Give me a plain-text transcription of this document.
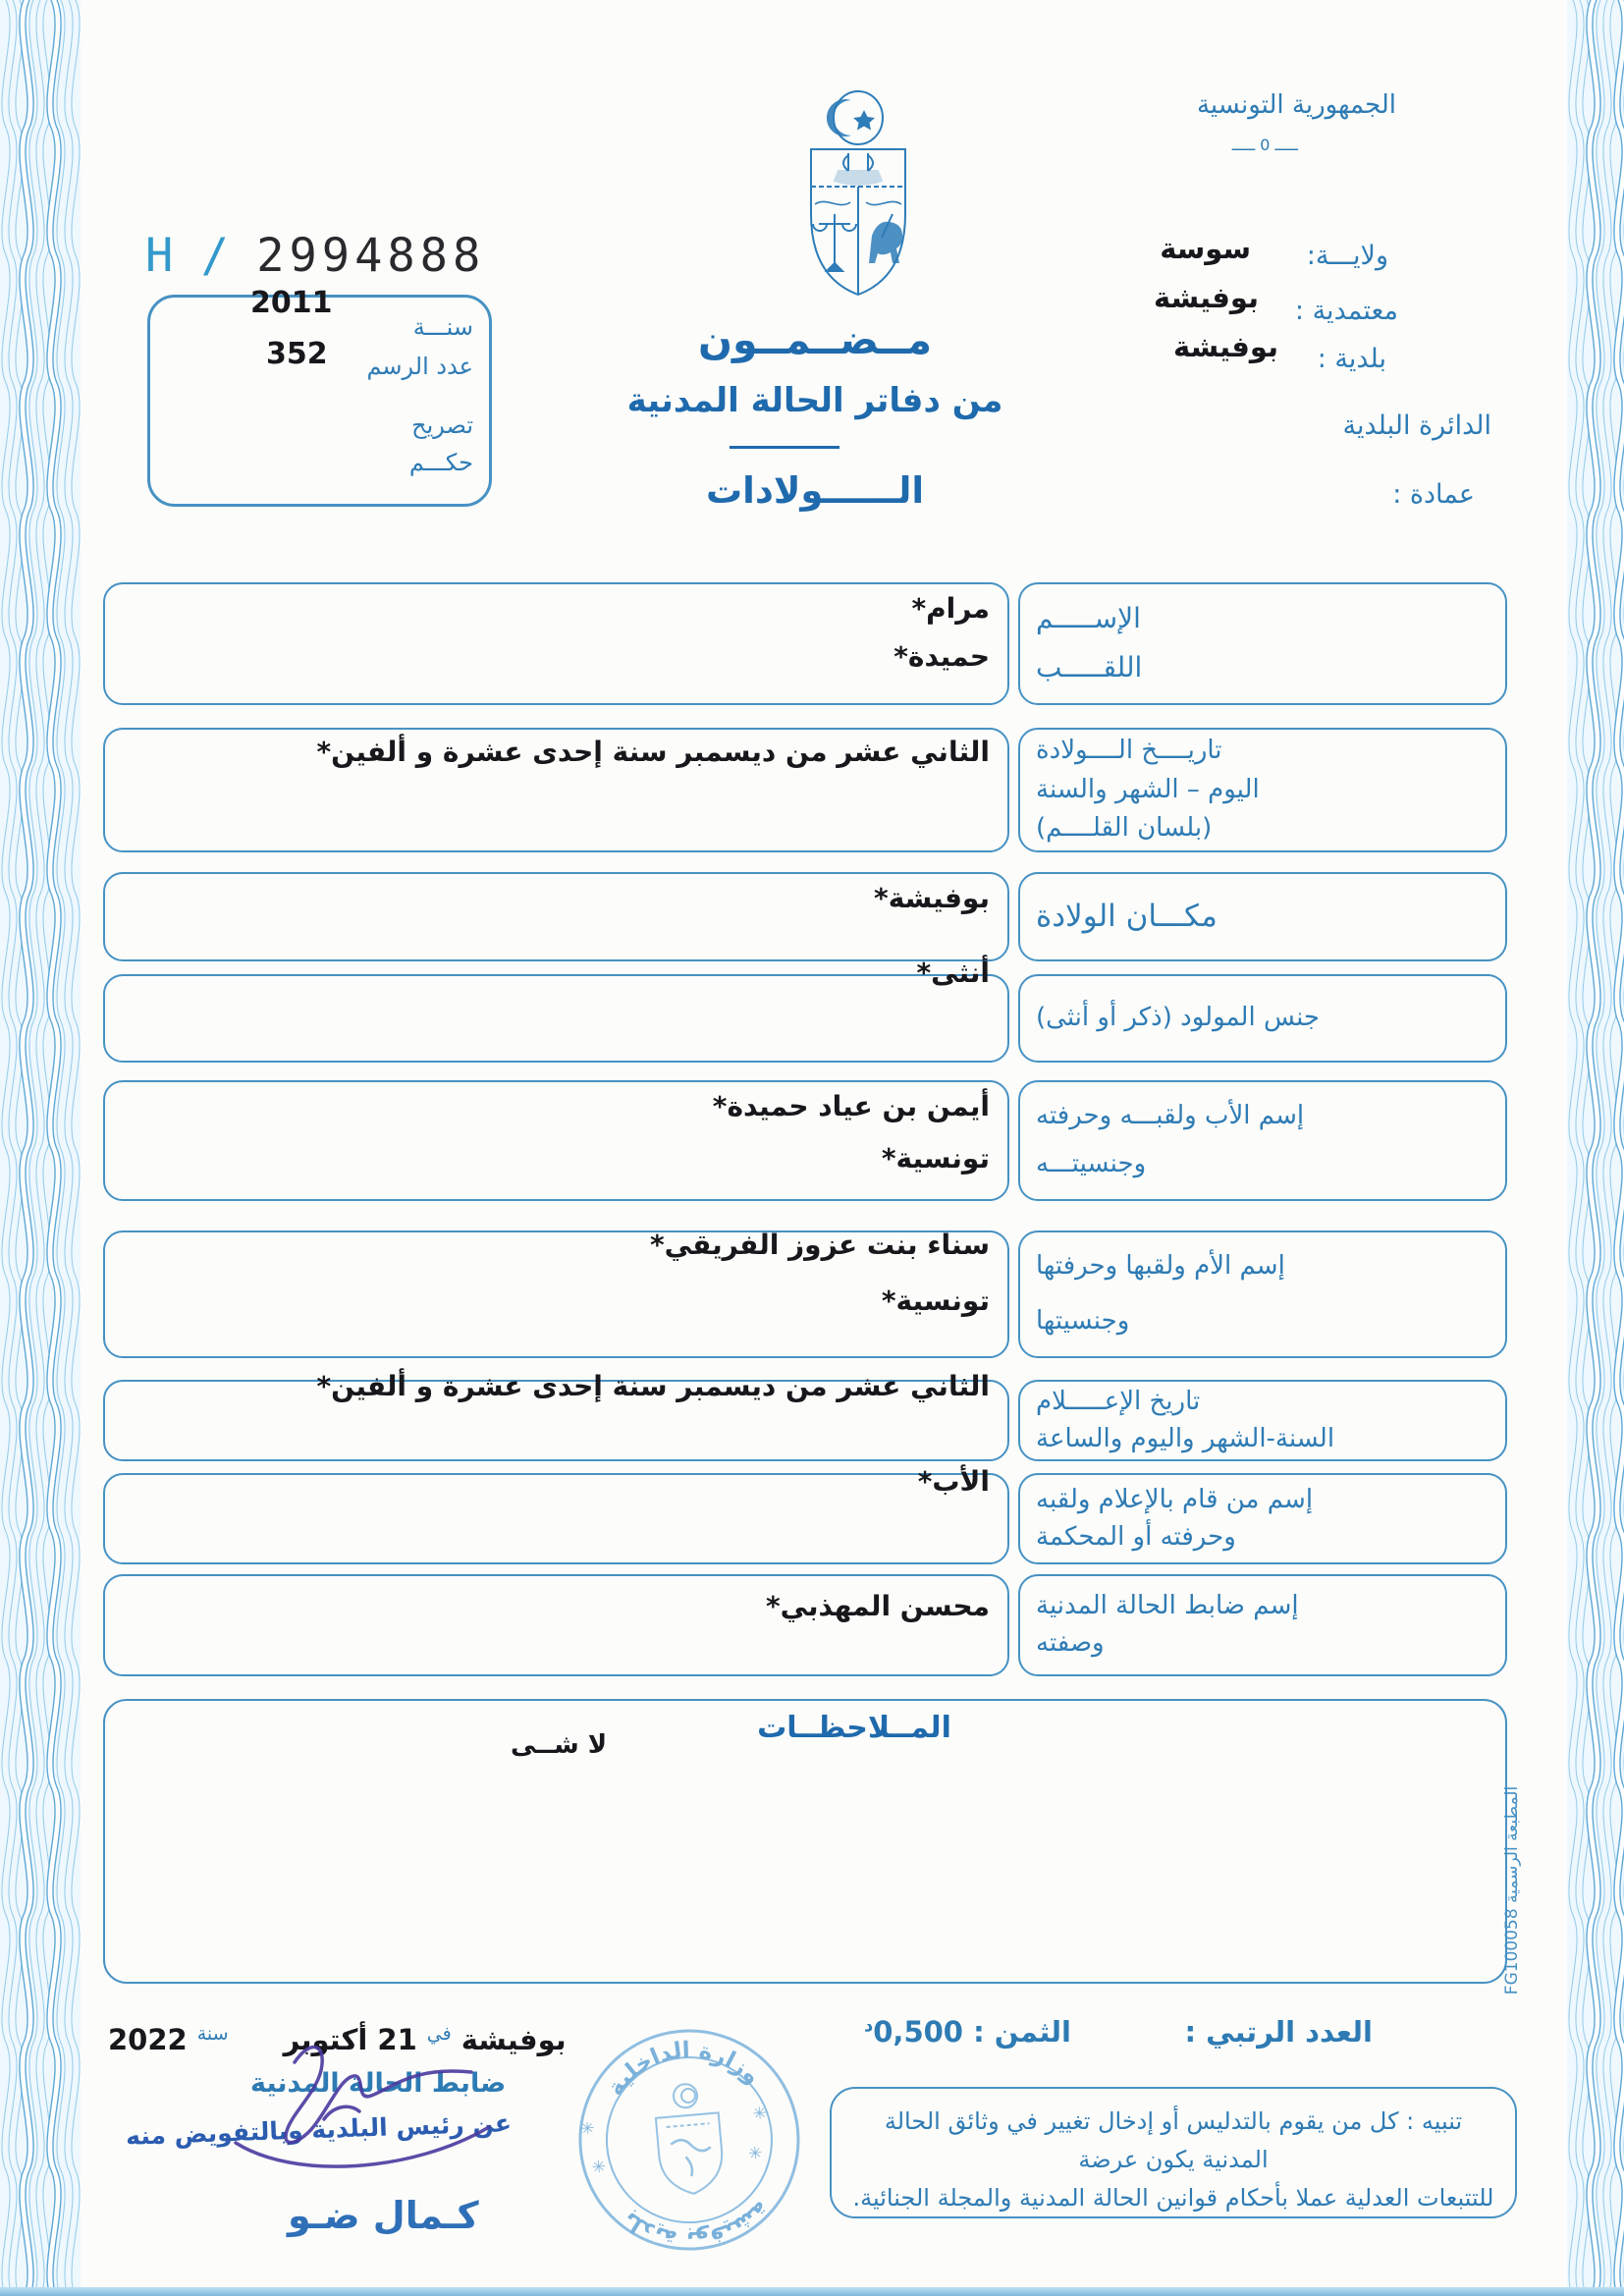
الجمهورية التونسية
ـــــ 0 ـــــ
ولايـــة:
سوسة
معتمدية :
بوفيشة
بلدية :
بوفيشة
الدائرة البلدية
عمادة :
H / 2994888
سنـــة
عدد الرسم
تصريح
حكـــم
2011
352	مــضــمــون
من دفاتر الحالة المدنية
الــــــولادات
مرام*
حميدة*
الإســـــم
اللقـــــب
الثاني عشر من ديسمبر سنة إحدى عشرة و ألفين* تاريــــخ الــــولادة
اليوم – الشهر والسنة
(بلسان القلــــم)
بوفيشة*
مكـــان الولادة
أنثى*
جنس المولود (ذكر أو أنثى)
أيمن بن عياد حميدة*
تونسية*
إسم الأب ولقبـــه وحرفته
وجنسيتـــه
سناء بنت عزوز الفريقي*
تونسية*
إسم الأم ولقبها وحرفتها
وجنسيتها
الثاني عشر من ديسمبر سنة إحدى عشرة و ألفين* تاريخ الإعـــــلام
السنة-الشهر واليوم والساعة
الأب*
إسم من قام بالإعلام ولقبه
وحرفته أو المحكمة
محسن المهذبي* إسم ضابط الحالة المدنية
وصفته
المــلاحظــات
لا شــى
العدد الرتبي :
الثمن : $0,500^د$
بوفيشة
في
21 أكتوبر
سنة
2022
ضابط الحالة المدنية
عن رئيس البلدية وبالتفويض منه
كـمال ضـو
تنبيه : كل من يقوم بالتدليس أو إدخال تغيير في وثائق الحالة المدنية يكون عرضة
للتتبعات العدلية عملا بأحكام قوانين الحالة المدنية والمجلة الجنائية.
المطبعة الرسمية FG100058
وزارة الداخلية
بلدية بوفيشة
✳
✳
✳
✳
